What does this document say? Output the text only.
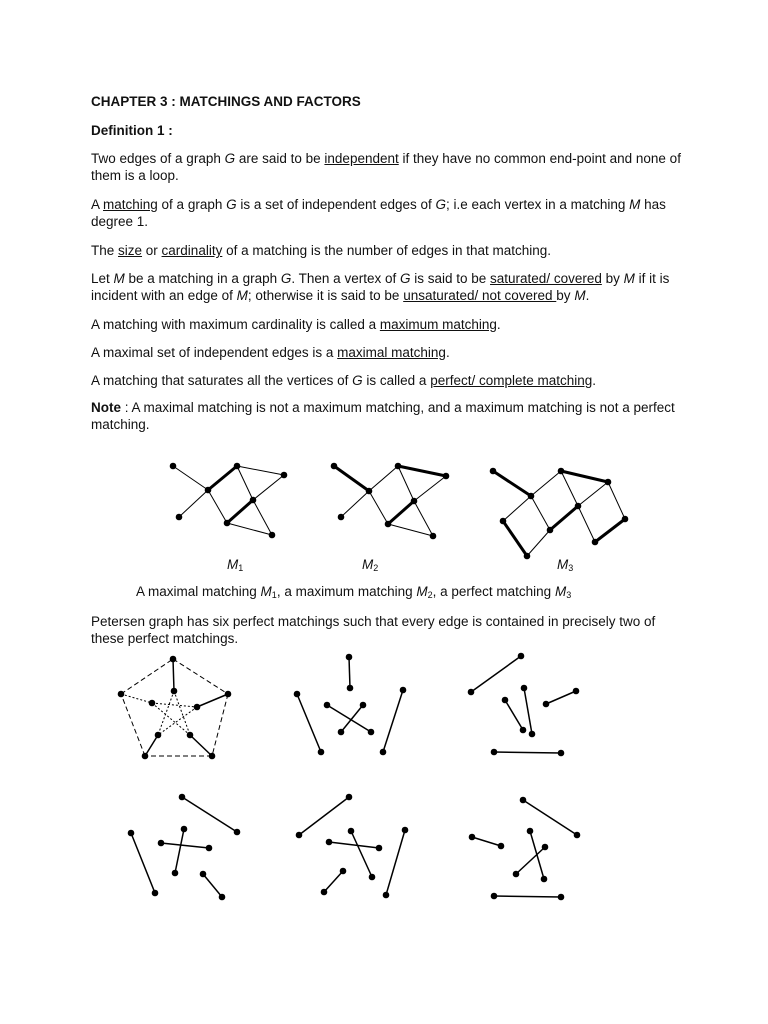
CHAPTER 3 : MATCHINGS AND FACTORS

Definition 1 :

Two edges of a graph G are said to be independent if they have no common end-point and none of them is a loop.

A matching of a graph G is a set of independent edges of G; i.e each vertex in a matching M has degree 1.

The size or cardinality of a matching is the number of edges in that matching.

Let M be a matching in a graph G. Then a vertex of G is said to be saturated/ covered by M if it is incident with an edge of M; otherwise it is said to be unsaturated/ not covered by M.

A matching with maximum cardinality is called a maximum matching.

A maximal set of independent edges is a maximal matching.

A matching that saturates all the vertices of G is called a perfect/ complete matching.

Note : A maximal matching is not a maximum matching, and a maximum matching is not a perfect matching.

$M_1$	$M_2$	$M_3$
A maximal matching $M_1$, a maximum matching $M_2$, a perfect matching $M_3$

Petersen graph has six perfect matchings such that every edge is contained in precisely two of these perfect matchings.
